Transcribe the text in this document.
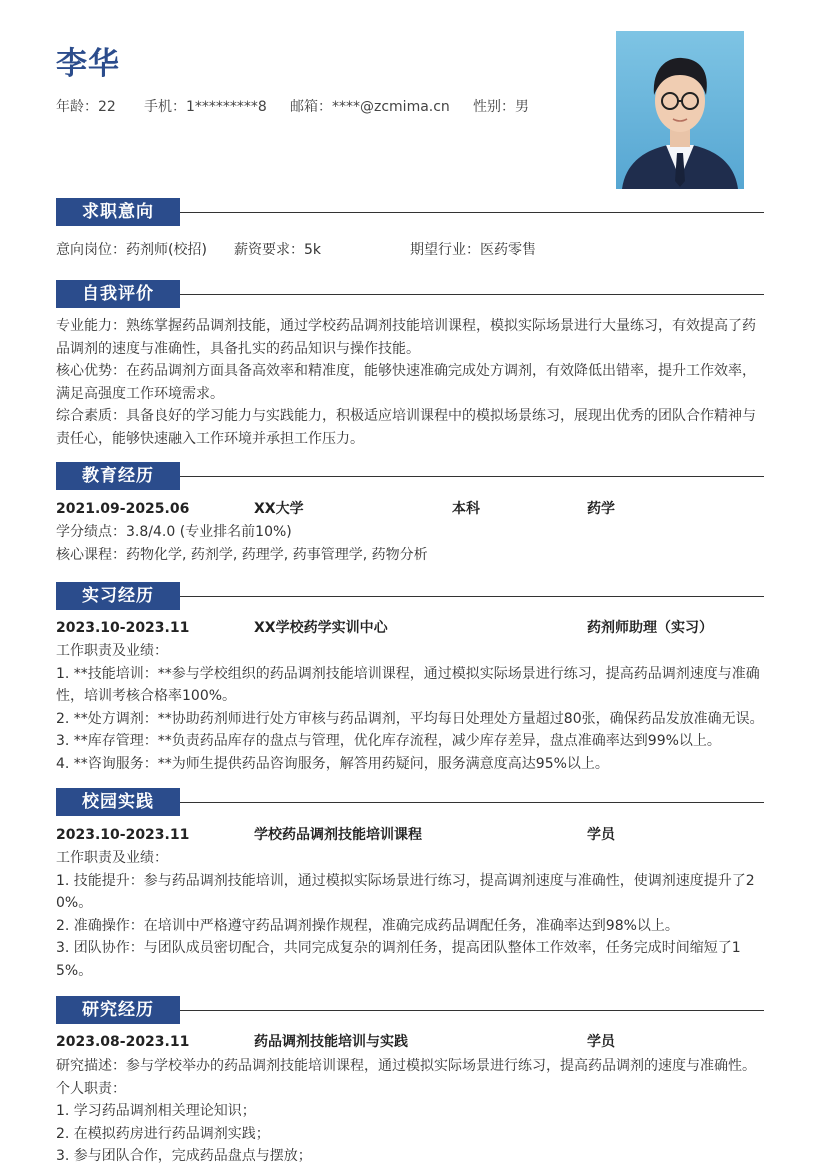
李华
年龄：22 手机：1*********8 邮箱：****@zcmima.cn 性别：男
求职意向
意向岗位：药剂师(校招) 薪资要求：5k	期望行业：医药零售
自我评价

专业能力：熟练掌握药品调剂技能，通过学校药品调剂技能培训课程，模拟实际场景进行大量练习，有效提高了药品调剂的速度与准确性，具备扎实的药品知识与操作技能。

核心优势：在药品调剂方面具备高效率和精准度，能够快速准确完成处方调剂，有效降低出错率，提升工作效率，满足高强度工作环境需求。

综合素质：具备良好的学习能力与实践能力，积极适应培训课程中的模拟场景练习，展现出优秀的团队合作精神与责任心，能够快速融入工作环境并承担工作压力。

教育经历
2021.09-2025.06	XX大学	本科	药学
学分绩点：3.8/4.0 (专业排名前10%)
核心课程：药物化学, 药剂学, 药理学, 药事管理学, 药物分析
实习经历
2023.10-2023.11	XX学校药学实训中心	药剂师助理（实习）

工作职责及业绩：

1. **技能培训：**参与学校组织的药品调剂技能培训课程，通过模拟实际场景进行练习，提高药品调剂速度与准确性，培训考核合格率100%。

2. **处方调剂：**协助药剂师进行处方审核与药品调剂，平均每日处理处方量超过80张，确保药品发放准确无误。

3. **库存管理：**负责药品库存的盘点与管理，优化库存流程，减少库存差异，盘点准确率达到99%以上。

4. **咨询服务：**为师生提供药品咨询服务，解答用药疑问，服务满意度高达95%以上。

校园实践
2023.10-2023.11	学校药品调剂技能培训课程	学员

工作职责及业绩：

1. 技能提升：参与药品调剂技能培训，通过模拟实际场景进行练习，提高调剂速度与准确性，使调剂速度提升了20%。

2. 准确操作：在培训中严格遵守药品调剂操作规程，准确完成药品调配任务，准确率达到98%以上。

3. 团队协作：与团队成员密切配合，共同完成复杂的调剂任务，提高团队整体工作效率，任务完成时间缩短了15%。

研究经历
2023.08-2023.11	药品调剂技能培训与实践	学员

研究描述：参与学校举办的药品调剂技能培训课程，通过模拟实际场景进行练习，提高药品调剂的速度与准确性。

个人职责：

1. 学习药品调剂相关理论知识；

2. 在模拟药房进行药品调剂实践；

3. 参与团队合作，完成药品盘点与摆放；
